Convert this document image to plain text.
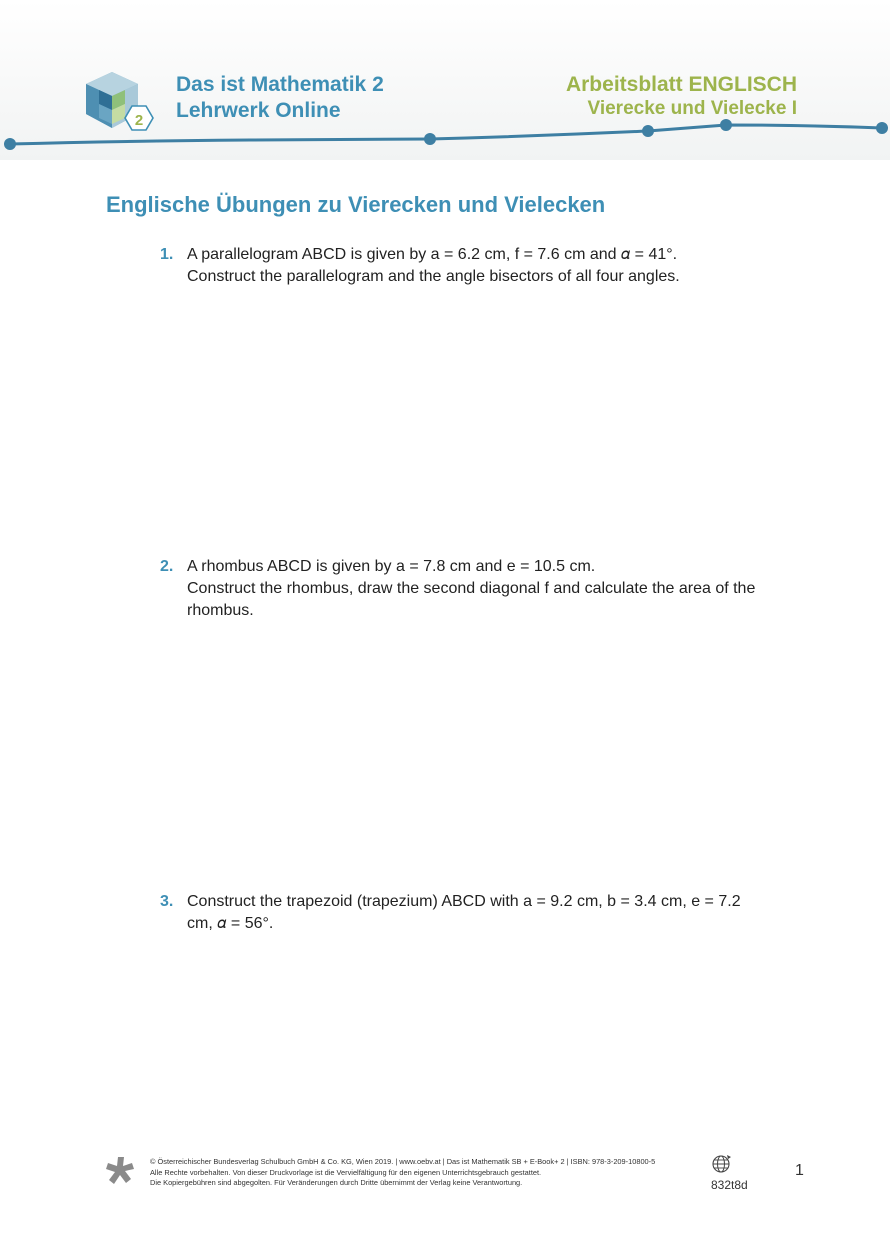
2
Das ist Mathematik 2
Lehrwerk Online
Arbeitsblatt ENGLISCH
Vierecke und Vielecke I
Englische Übungen zu Vierecken und Vielecken
1. A parallelogram ABCD is given by a = 6.2 cm, f = 7.6 cm and 𝛼 = 41°.

Construct the parallelogram and the angle bisectors of all four angles.

2. A rhombus ABCD is given by a = 7.8 cm and e = 10.5 cm.

Construct the rhombus, draw the second diagonal f and calculate the area of the rhombus.

3. Construct the trapezoid (trapezium) ABCD with a = 9.2 cm, b = 3.4 cm, e = 7.2 cm, 𝛼 = 56°.

© Österreichischer Bundesverlag Schulbuch GmbH & Co. KG, Wien 2019. | www.oebv.at | Das ist Mathematik SB + E-Book+ 2 | ISBN: 978-3-209-10800-5
Alle Rechte vorbehalten. Von dieser Druckvorlage ist die Vervielfältigung für den eigenen Unterrichtsgebrauch gestattet.
Die Kopiergebühren sind abgegolten. Für Veränderungen durch Dritte übernimmt der Verlag keine Verantwortung.	832t8d
1
